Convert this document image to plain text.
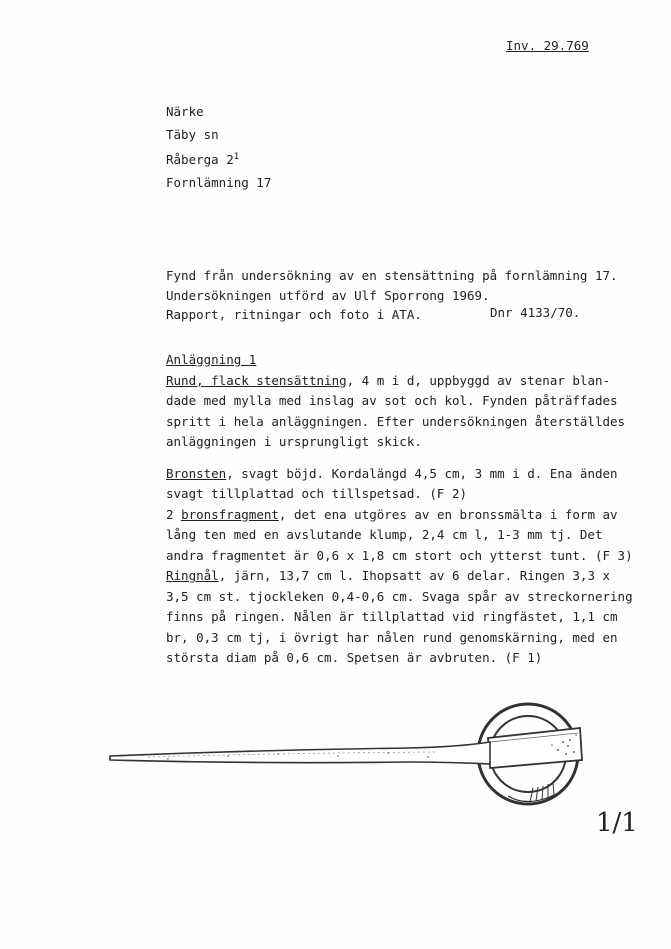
Inv. 29.769
Närke
Täby sn
Råberga $2^1$
Fornlämning 17
Fynd från undersökning av en stensättning på fornlämning 17.
Undersökningen utförd av Ulf Sporrong 1969.
Rapport, ritningar och foto i ATA.	Dnr 4133/70.
Anläggning 1
Rund, flack stensättning, 4 m i d, uppbyggd av stenar blan-
dade med mylla med inslag av sot och kol. Fynden påträffades
spritt i hela anläggningen. Efter undersökningen återställdes
anläggningen i ursprungligt skick.
Bronsten, svagt böjd. Kordalängd 4,5 cm, 3 mm i d. Ena änden
svagt tillplattad och tillspetsad. (F 2)
2 bronsfragment, det ena utgöres av en bronssmälta i form av
lång ten med en avslutande klump, 2,4 cm l, 1-3 mm tj. Det
andra fragmentet är 0,6 x 1,8 cm stort och ytterst tunt. (F 3)
Ringnål, järn, 13,7 cm l. Ihopsatt av 6 delar. Ringen 3,3 x
3,5 cm st. tjockleken 0,4-0,6 cm. Svaga spår av streckornering
finns på ringen. Nålen är tillplattad vid ringfästet, 1,1 cm
br, 0,3 cm tj, i övrigt har nålen rund genomskärning, med en
största diam på 0,6 cm. Spetsen är avbruten. (F 1)
1/1
